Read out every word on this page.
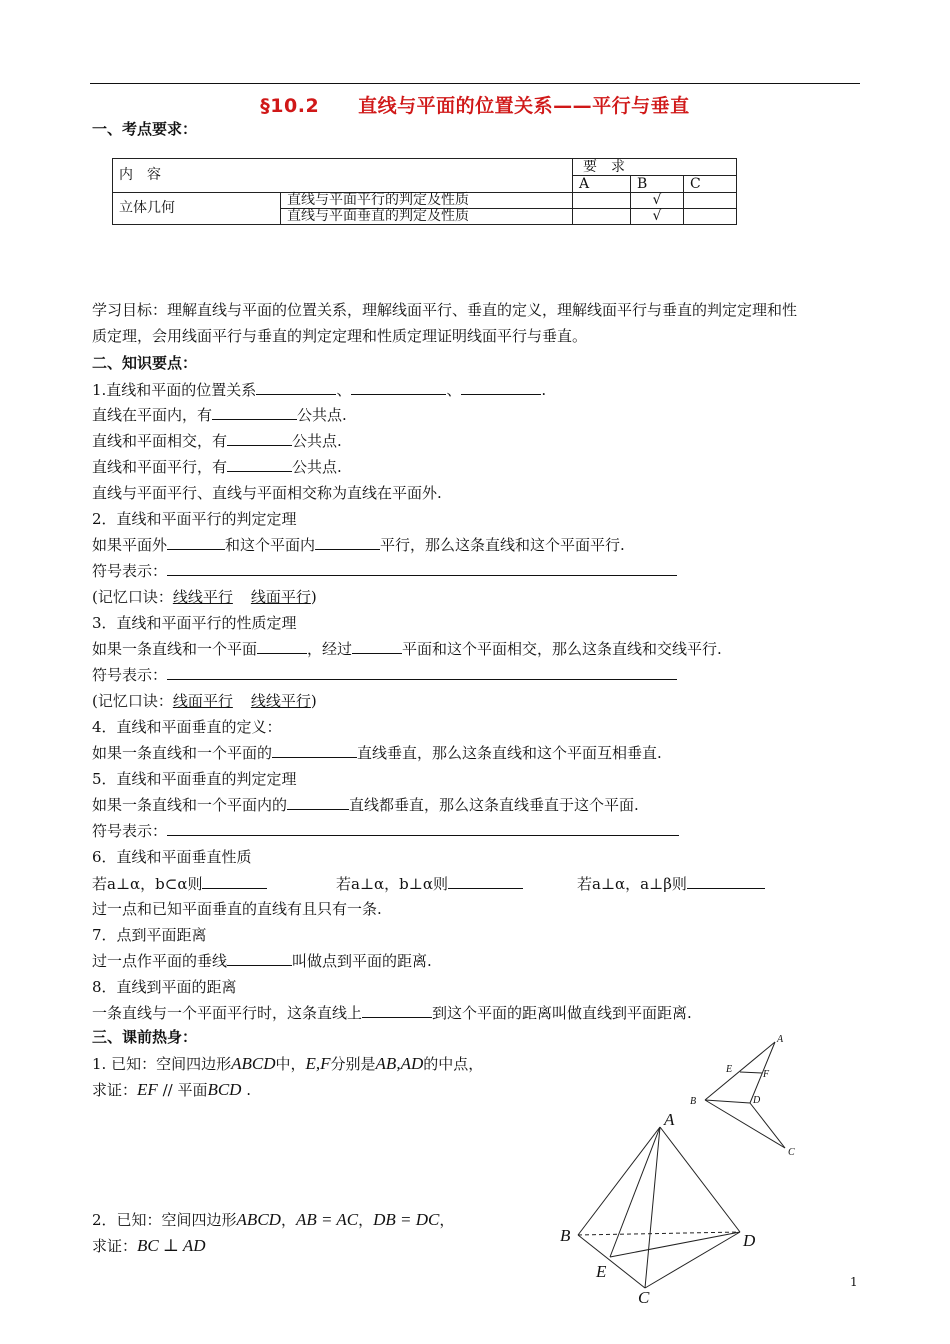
§10.2　　直线与平面的位置关系——平行与垂直
一、考点要求：
内　容		要　求		
		A	B	C
立体几何	直线与平面平行的判定及性质		√	
	直线与平面垂直的判定及性质		√	
学习目标：理解直线与平面的位置关系，理解线面平行、垂直的定义，理解线面平行与垂直的判定定理和性
质定理，会用线面平行与垂直的判定定理和性质定理证明线面平行与垂直。
二、知识要点：
1.直线和平面的位置关系	、	、	.
直线在平面内，有	公共点.
直线和平面相交，有	公共点.
直线和平面平行，有	公共点.
直线与平面平行、直线与平面相交称为直线在平面外.
2．直线和平面平行的判定定理
如果平面外	和这个平面内	平行，那么这条直线和这个平面平行.
符号表示：
(记忆口诀：线线平行 线面平行)
3．直线和平面平行的性质定理
如果一条直线和一个平面	，经过	平面和这个平面相交，那么这条直线和交线平行.
符号表示：
(记忆口诀：线面平行 线线平行)
4．直线和平面垂直的定义：
如果一条直线和一个平面的	直线垂直，那么这条直线和这个平面互相垂直.
5．直线和平面垂直的判定定理
如果一条直线和一个平面内的	直线都垂直，那么这条直线垂直于这个平面.
符号表示：
6．直线和平面垂直性质
若a⊥α，b⊂α则	若a⊥α，b⊥α则	若a⊥α，a⊥β则
过一点和已知平面垂直的直线有且只有一条.
7．点到平面距离
过一点作平面的垂线	叫做点到平面的距离.
8．直线到平面的距离
一条直线与一个平面平行时，这条直线上	到这个平面的距离叫做直线到平面距离.
三、课前热身：
1. 已知：空间四边形ABCD中，E,F分别是AB,AD的中点，
求证：EF // 平面BCD .
2．已知：空间四边形ABCD，AB = AC，DB = DC，
求证：BC ⊥ AD
A
E	F
B	D
C
A
B	D
E
C
1
